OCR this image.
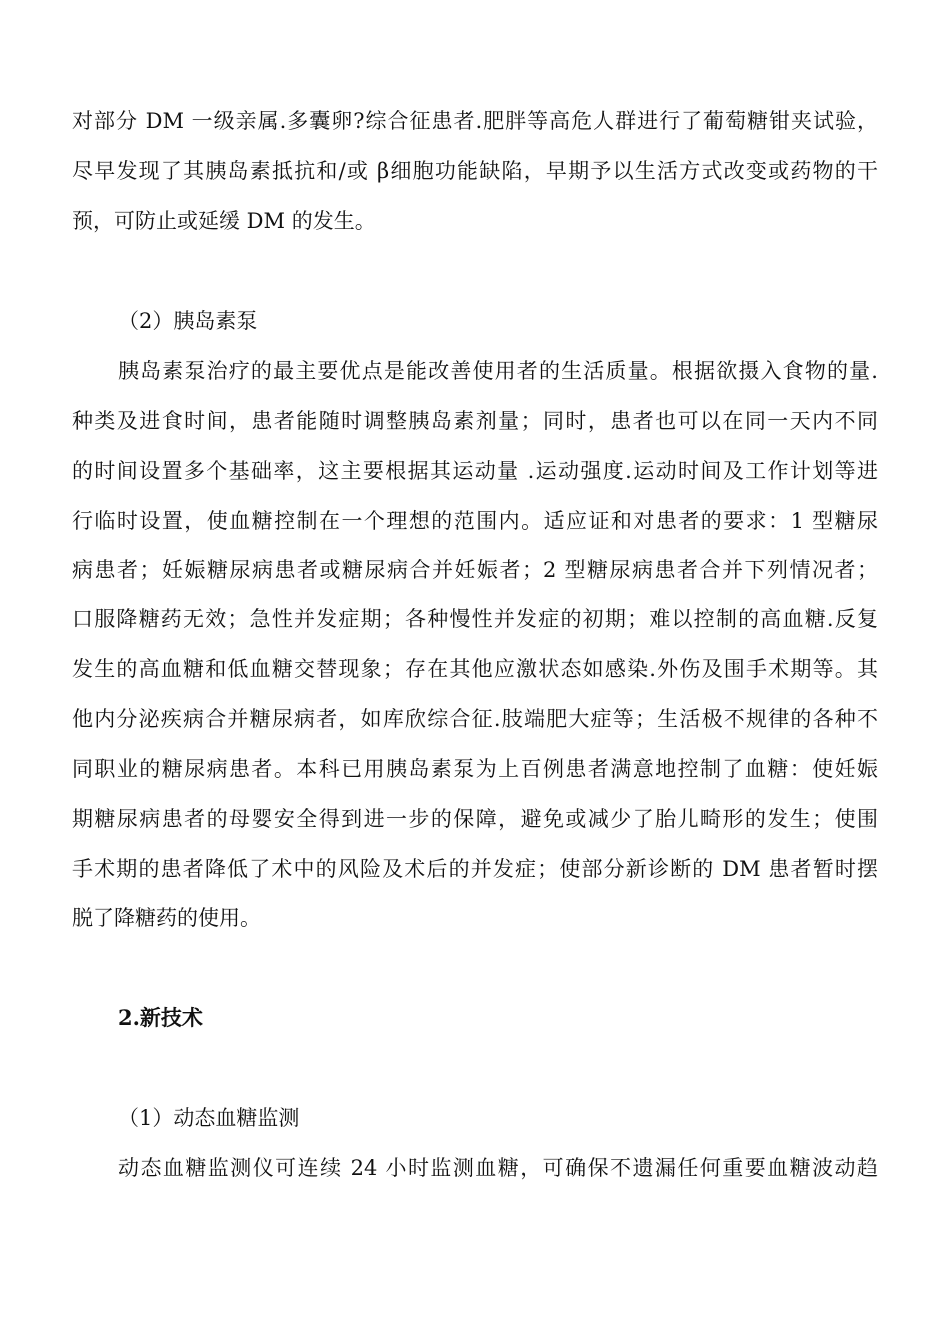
对部分 DM 一级亲属.多囊卵?综合征患者.肥胖等高危人群进行了葡萄糖钳夹试验，
尽早发现了其胰岛素抵抗和/或 β细胞功能缺陷，早期予以生活方式改变或药物的干
预，可防止或延缓 DM 的发生。
（2）胰岛素泵
胰岛素泵治疗的最主要优点是能改善使用者的生活质量。根据欲摄入食物的量.
种类及进食时间，患者能随时调整胰岛素剂量；同时，患者也可以在同一天内不同
的时间设置多个基础率，这主要根据其运动量 .运动强度.运动时间及工作计划等进
行临时设置，使血糖控制在一个理想的范围内。适应证和对患者的要求：1 型糖尿
病患者；妊娠糖尿病患者或糖尿病合并妊娠者；2 型糖尿病患者合并下列情况者；
口服降糖药无效；急性并发症期；各种慢性并发症的初期；难以控制的高血糖.反复
发生的高血糖和低血糖交替现象；存在其他应激状态如感染.外伤及围手术期等。其
他内分泌疾病合并糖尿病者，如库欣综合征.肢端肥大症等；生活极不规律的各种不
同职业的糖尿病患者。本科已用胰岛素泵为上百例患者满意地控制了血糖：使妊娠
期糖尿病患者的母婴安全得到进一步的保障，避免或减少了胎儿畸形的发生；使围
手术期的患者降低了术中的风险及术后的并发症；使部分新诊断的 DM 患者暂时摆
脱了降糖药的使用。
2.新技术
（1）动态血糖监测
动态血糖监测仪可连续 24 小时监测血糖，可确保不遗漏任何重要血糖波动趋
